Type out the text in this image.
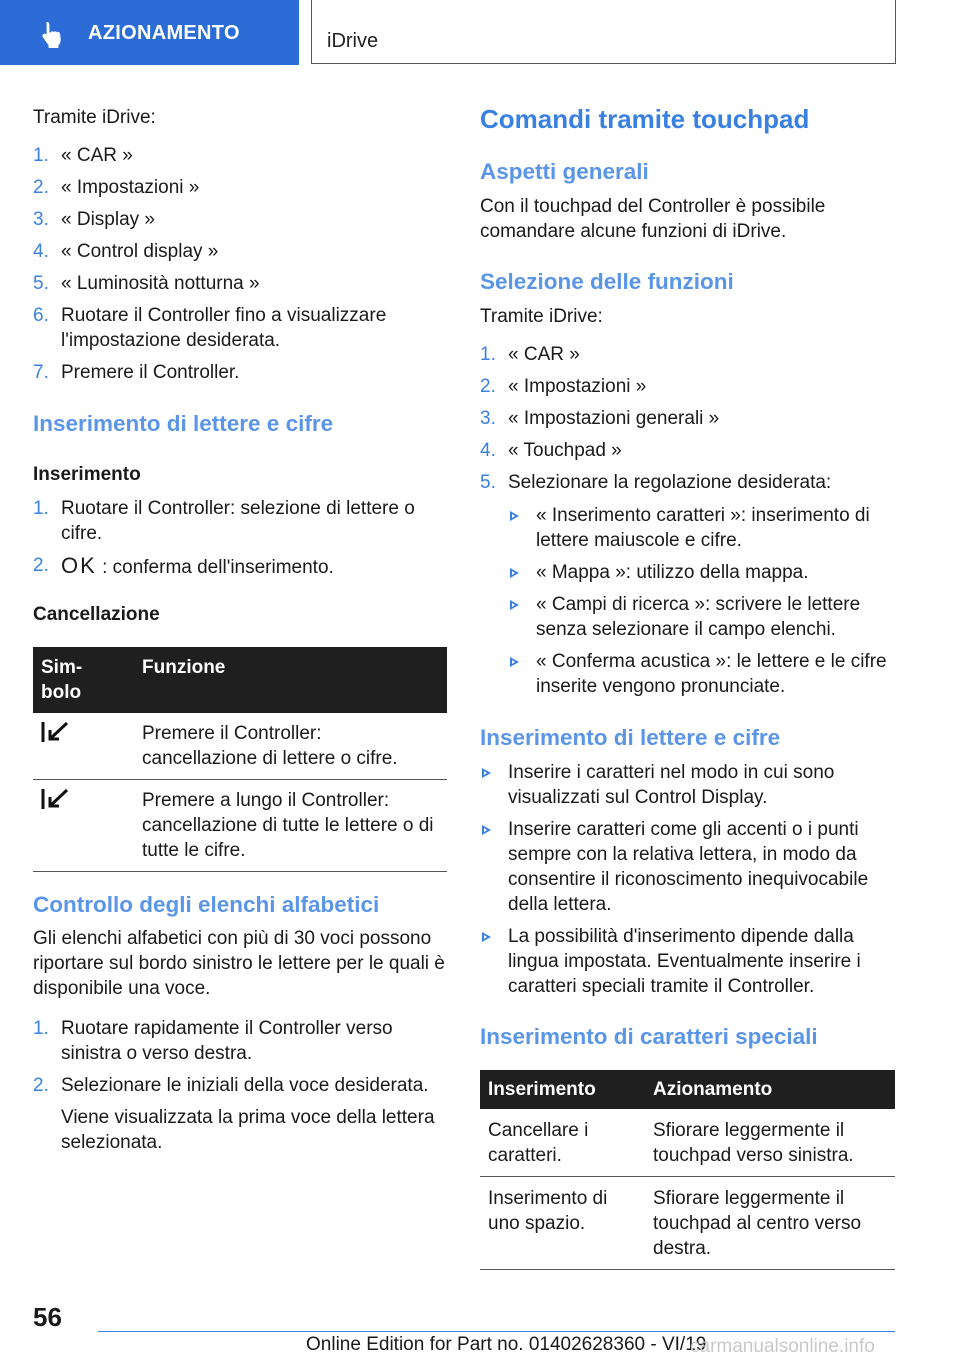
AZIONAMENTO	iDrive

Tramite iDrive:

1 . « CAR »
2 . « Impostazioni »
3 . « Display »
4 . « Control display »
5 . « Luminosità notturna »
6 . Ruotare il Controller fino a visualizzare l'impostazione desiderata.
7 . Premere il Controller.

Inserimento di lettere e cifre

Inserimento

1 . Ruotare il Controller: selezione di lettere o cifre.
2 . OK : conferma dell'inserimento.

Cancellazione

Sim-
bolo	Funzione
	Premere il Controller: cancellazione di lettere o cifre.
	Premere a lungo il Controller: cancellazione di tutte le lettere o di tutte le cifre.

Controllo degli elenchi alfabetici

Gli elenchi alfabetici con più di 30 voci possono riportare sul bordo sinistro le lettere per le quali è disponibile una voce.

1 . Ruotare rapidamente il Controller verso sinistra o verso destra.
2 . Selezionare le iniziali della voce desiderata.

Viene visualizzata la prima voce della lettera selezionata.

Comandi tramite touchpad

Aspetti generali

Con il touchpad del Controller è possibile comandare alcune funzioni di iDrive.

Selezione delle funzioni

Tramite iDrive:

1 . « CAR »
2 . « Impostazioni »
3 . « Impostazioni generali »
4 . « Touchpad »
5 . Selezionare la regolazione desiderata:
« Inserimento caratteri »: inserimento di lettere maiuscole e cifre.
« Mappa »: utilizzo della mappa.
« Campi di ricerca »: scrivere le lettere senza selezionare il campo elenchi.
« Conferma acustica »: le lettere e le cifre inserite vengono pronunciate.

Inserimento di lettere e cifre

Inserire i caratteri nel modo in cui sono visualizzati sul Control Display.
Inserire caratteri come gli accenti o i punti sempre con la relativa lettera, in modo da consentire il riconoscimento inequivocabile della lettera.
La possibilità d'inserimento dipende dalla lingua impostata. Eventualmente inserire i caratteri speciali tramite il Controller.

Inserimento di caratteri speciali

Inserimento	Azionamento
Cancellare i caratteri.	Sfiorare leggermente il touchpad verso sinistra.
Inserimento di uno spazio.	Sfiorare leggermente il touchpad al centro verso destra.
56
Online Edition for Part no. 01402628360 - VI/19
carmanualsonline.info
